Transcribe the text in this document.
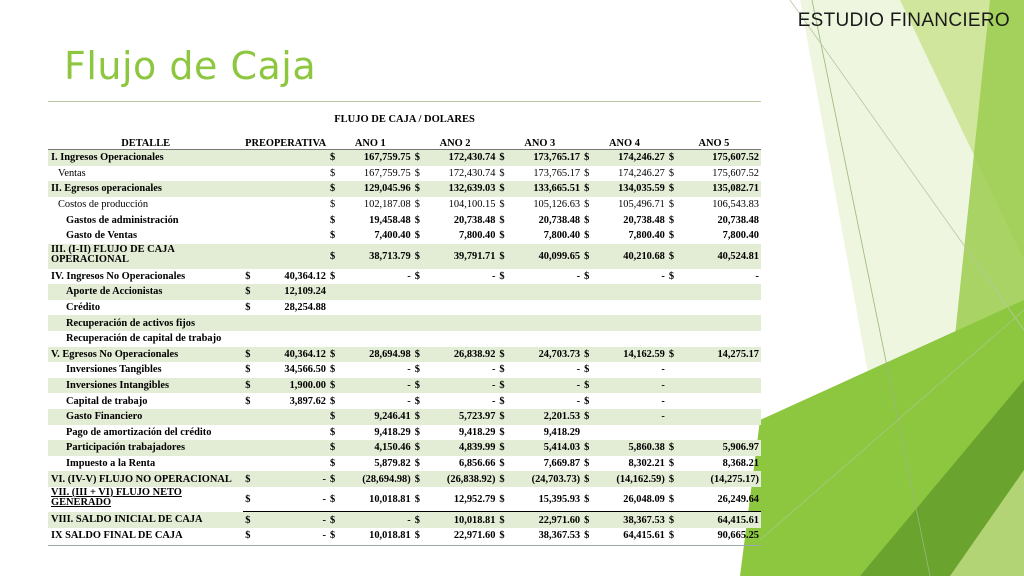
ESTUDIO FINANCIERO
Flujo de Caja
FLUJO DE CAJA / DOLARES
DETALLE	PREOPERATIVA		ANO 1		ANO 2		ANO 3		ANO 4		ANO 5	
I. Ingresos Operacionales			$	167,759.75	$	172,430.74	$	173,765.17	$	174,246.27	$	175,607.52
Ventas			$	167,759.75	$	172,430.74	$	173,765.17	$	174,246.27	$	175,607.52
II. Egresos operacionales			$	129,045.96	$	132,639.03	$	133,665.51	$	134,035.59	$	135,082.71
Costos de producción			$	102,187.08	$	104,100.15	$	105,126.63	$	105,496.71	$	106,543.83
Gastos de administración			$	19,458.48	$	20,738.48	$	20,738.48	$	20,738.48	$	20,738.48
Gasto de Ventas			$	7,400.40	$	7,800.40	$	7,800.40	$	7,800.40	$	7,800.40
III. (I-II) FLUJO DE CAJA OPERACIONAL			$	38,713.79	$	39,791.71	$	40,099.65	$	40,210.68	$	40,524.81
IV. Ingresos No Operacionales	$	40,364.12	$	-	$	-	$	-	$	-	$	-
Aporte de Accionistas	$	12,109.24										
Crédito	$	28,254.88										
Recuperación de activos fijos												
Recuperación de capital de trabajo												
V. Egresos No Operacionales	$	40,364.12	$	28,694.98	$	26,838.92	$	24,703.73	$	14,162.59	$	14,275.17
Inversiones Tangibles	$	34,566.50	$	-	$	-	$	-	$	-		
Inversiones Intangibles	$	1,900.00	$	-	$	-	$	-	$	-		
Capital de trabajo	$	3,897.62	$	-	$	-	$	-	$	-		
Gasto Financiero			$	9,246.41	$	5,723.97	$	2,201.53	$	-		
Pago de amortización del crédito			$	9,418.29	$	9,418.29	$	9,418.29				
Participación trabajadores			$	4,150.46	$	4,839.99	$	5,414.03	$	5,860.38	$	5,906.97
Impuesto a la Renta			$	5,879.82	$	6,856.66	$	7,669.87	$	8,302.21	$	8,368.21
VI. (IV-V) FLUJO NO OPERACIONAL	$	-	$	(28,694.98)	$	(26,838.92)	$	(24,703.73)	$	(14,162.59)	$	(14,275.17)
VII. (III + VI) FLUJO NETO GENERADO	$	-	$	10,018.81	$	12,952.79	$	15,395.93	$	26,048.09	$	26,249.64
VIII. SALDO INICIAL DE CAJA	$	-	$	-	$	10,018.81	$	22,971.60	$	38,367.53	$	64,415.61
IX SALDO FINAL DE CAJA	$	-	$	10,018.81	$	22,971.60	$	38,367.53	$	64,415.61	$	90,665.25
